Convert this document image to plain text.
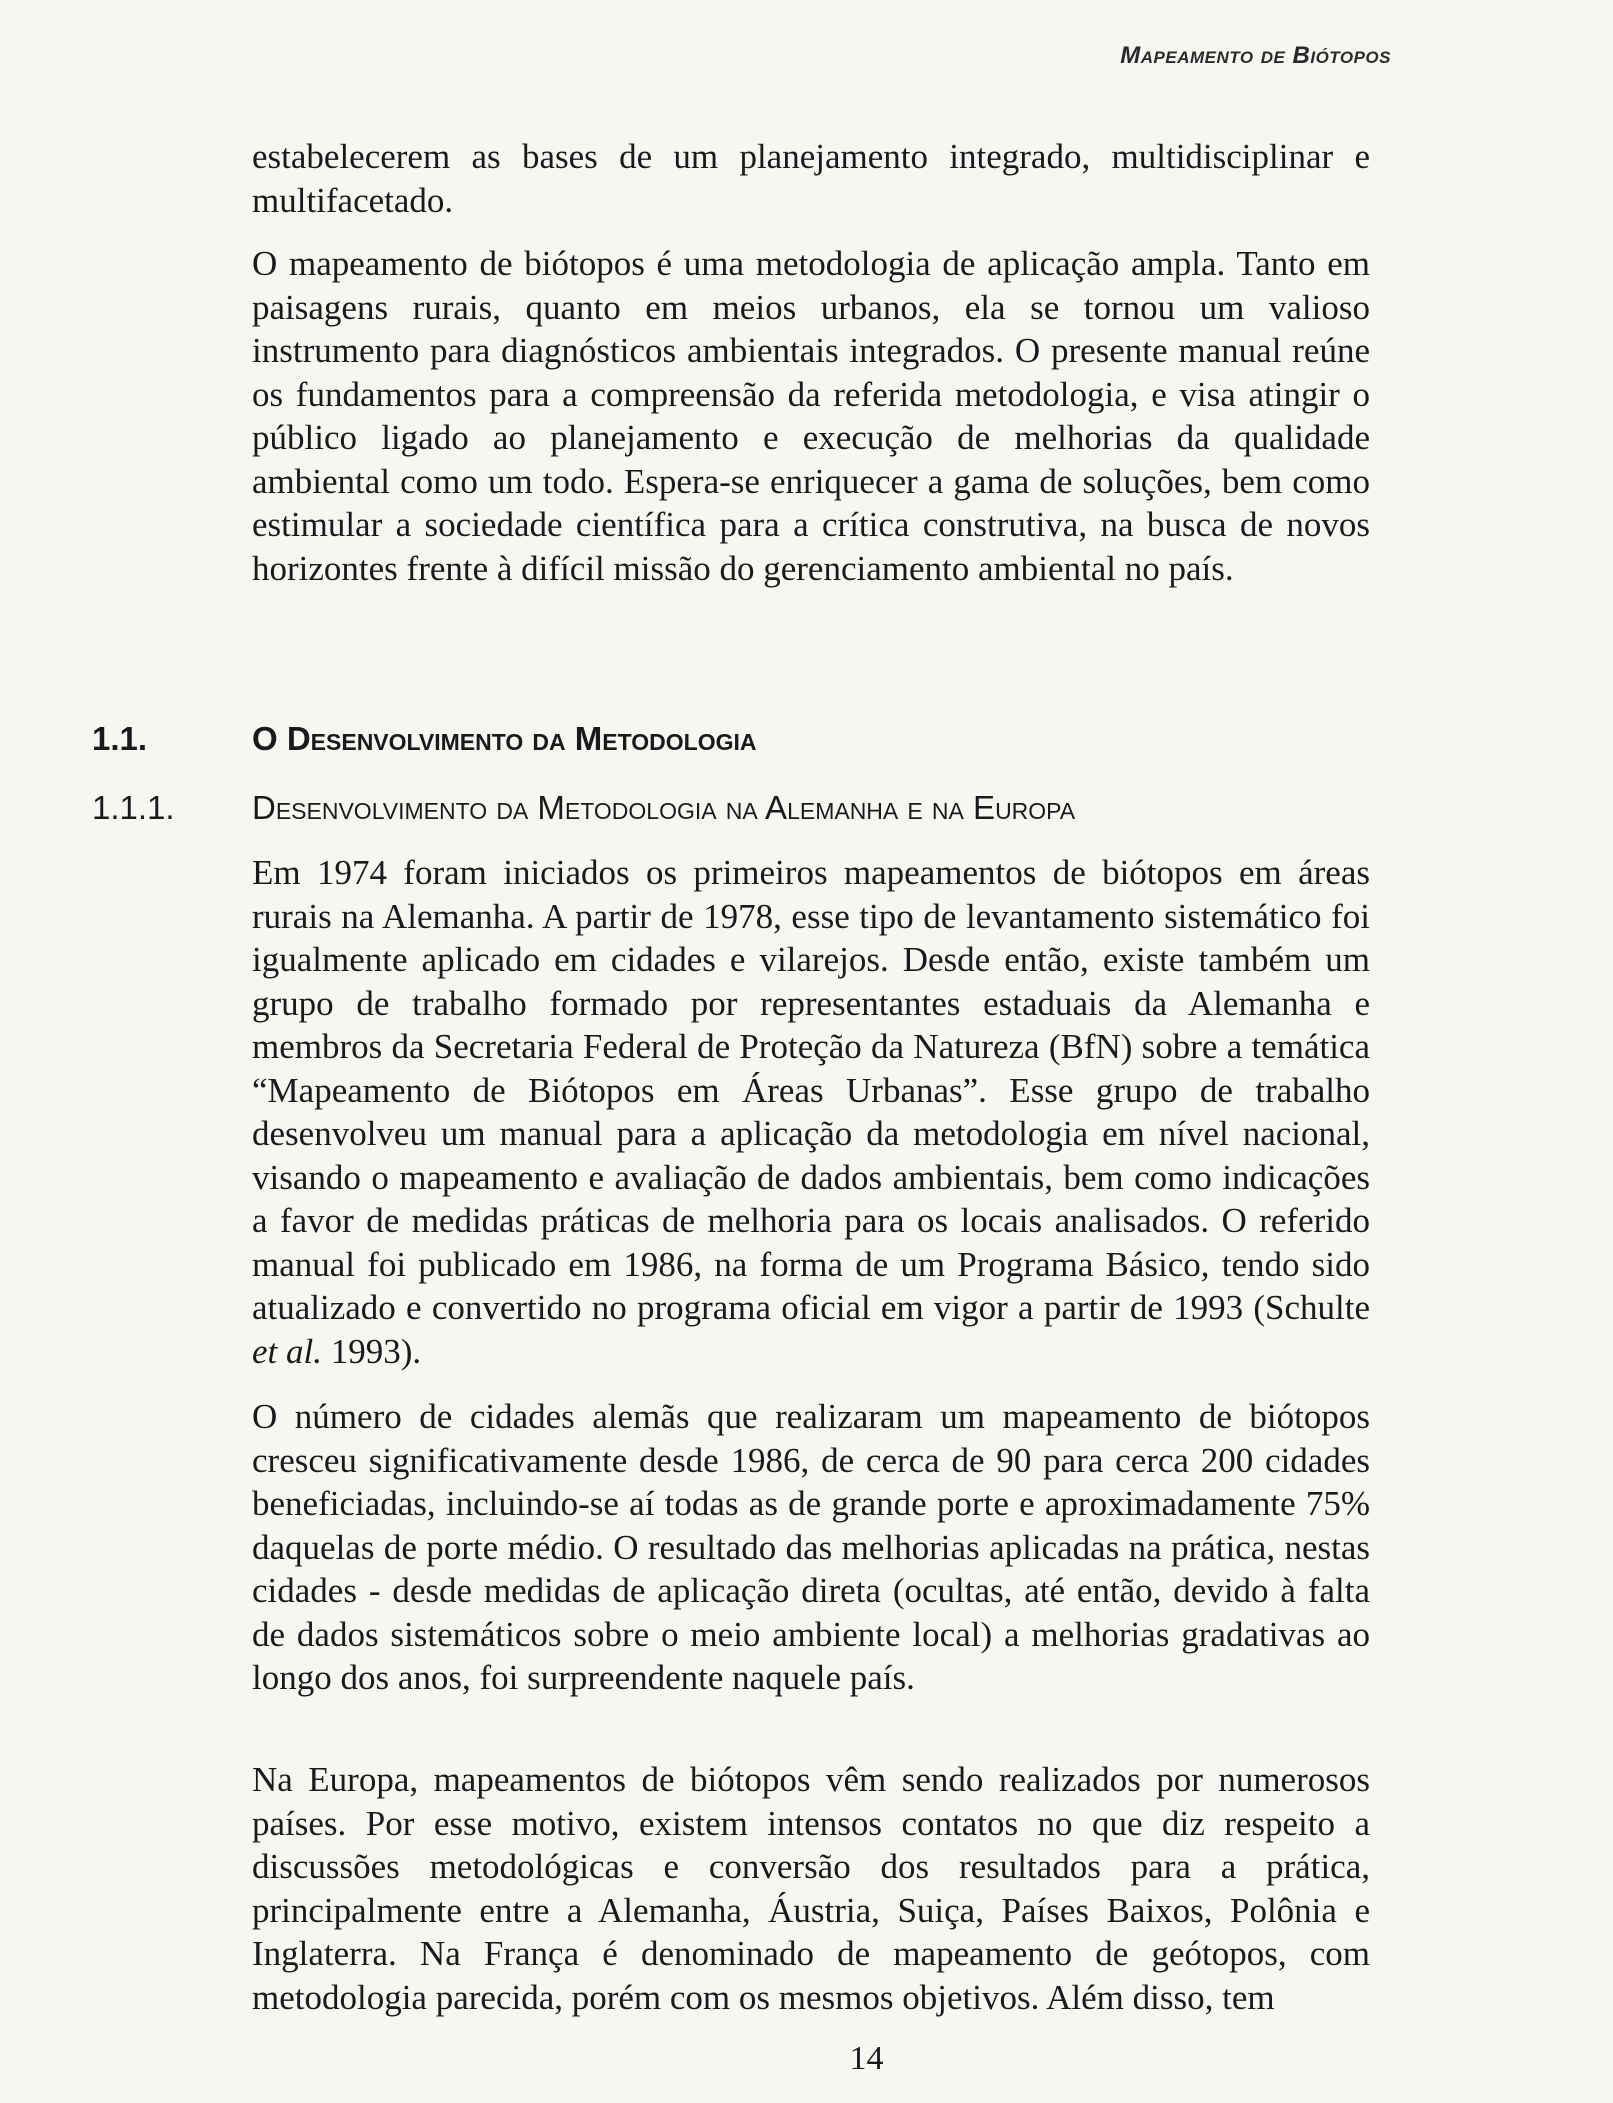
Mapeamento de Biótopos

estabelecerem as bases de um planejamento integrado, multidisciplinar e multifacetado.

O mapeamento de biótopos é uma metodologia de aplicação ampla. Tanto em paisagens rurais, quanto em meios urbanos, ela se tornou um valioso instrumento para diagnósticos ambientais integrados. O presente manual reúne os fundamentos para a compreensão da referida metodologia, e visa atingir o público ligado ao planejamento e execução de melhorias da qualidade ambiental como um todo. Espera-se enriquecer a gama de soluções, bem como estimular a sociedade científica para a crítica construtiva, na busca de novos horizontes frente à difícil missão do gerenciamento ambiental no país.

1.1.	O Desenvolvimento da Metodologia
1.1.1. Desenvolvimento da Metodologia na Alemanha e na Europa

Em 1974 foram iniciados os primeiros mapeamentos de biótopos em áreas rurais na Alemanha. A partir de 1978, esse tipo de levantamento sistemático foi igualmente aplicado em cidades e vilarejos. Desde então, existe também um grupo de trabalho formado por representantes estaduais da Alemanha e membros da Secretaria Federal de Proteção da Natureza (BfN) sobre a temática “Mapeamento de Biótopos em Áreas Urbanas”. Esse grupo de trabalho desenvolveu um manual para a aplicação da metodologia em nível nacional, visando o mapeamento e avaliação de dados ambientais, bem como indicações a favor de medidas práticas de melhoria para os locais analisados. O referido manual foi publicado em 1986, na forma de um Programa Básico, tendo sido atualizado e convertido no programa oficial em vigor a partir de 1993 (Schulte et al. 1993).

O número de cidades alemãs que realizaram um mapeamento de biótopos cresceu significativamente desde 1986, de cerca de 90 para cerca 200 cidades beneficiadas, incluindo-se aí todas as de grande porte e aproximadamente 75% daquelas de porte médio. O resultado das melhorias aplicadas na prática, nestas cidades - desde medidas de aplicação direta (ocultas, até então, devido à falta de dados sistemáticos sobre o meio ambiente local) a melhorias gradativas ao longo dos anos, foi surpreendente naquele país.

Na Europa, mapeamentos de biótopos vêm sendo realizados por numerosos países. Por esse motivo, existem intensos contatos no que diz respeito a discussões metodológicas e conversão dos resultados para a prática, principalmente entre a Alemanha, Áustria, Suiça, Países Baixos, Polônia e Inglaterra. Na França é denominado de mapeamento de geótopos, com metodologia parecida, porém com os mesmos objetivos. Além disso, tem

14
